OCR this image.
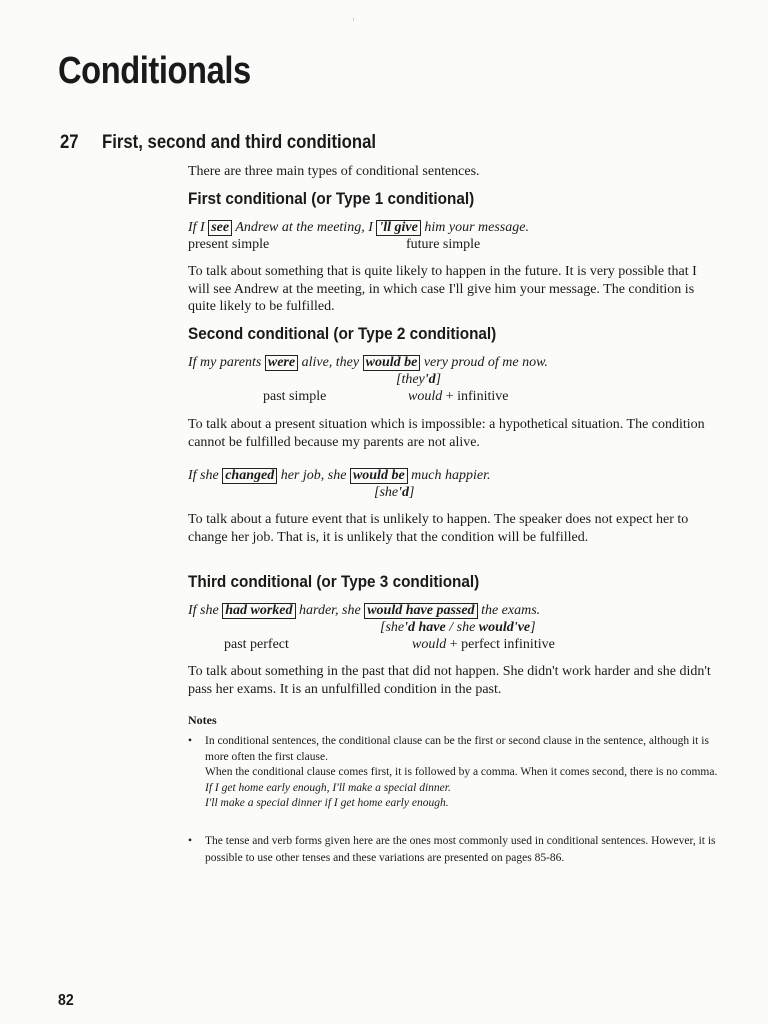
Conditionals
27 First, second and third conditional
There are three main types of conditional sentences.
First conditional (or Type 1 conditional)
If I see Andrew at the meeting, I 'll give him your message.
present simple	future simple
To talk about something that is quite likely to happen in the future. It is very possible that I will see Andrew at the meeting, in which case I'll give him your message. The condition is quite likely to be fulfilled.
Second conditional (or Type 2 conditional)
If my parents were alive, they would be very proud of me now.
[they'd]
past simple	would + infinitive
To talk about a present situation which is impossible: a hypothetical situation. The condition cannot be fulfilled because my parents are not alive.
If she changed her job, she would be much happier.
[she'd]
To talk about a future event that is unlikely to happen. The speaker does not expect her to change her job. That is, it is unlikely that the condition will be fulfilled.
Third conditional (or Type 3 conditional)
If she had worked harder, she would have passed the exams.
[she'd have / she would've]
past perfect	would + perfect infinitive
To talk about something in the past that did not happen. She didn't work harder and she didn't pass her exams. It is an unfulfilled condition in the past.
Notes
• In conditional sentences, the conditional clause can be the first or second clause in the sentence, although it is more often the first clause.
When the conditional clause comes first, it is followed by a comma. When it comes second, there is no comma.
If I get home early enough, I'll make a special dinner.
I'll make a special dinner if I get home early enough.
• The tense and verb forms given here are the ones most commonly used in conditional sentences. However, it is possible to use other tenses and these variations are presented on pages 85-86.
82
